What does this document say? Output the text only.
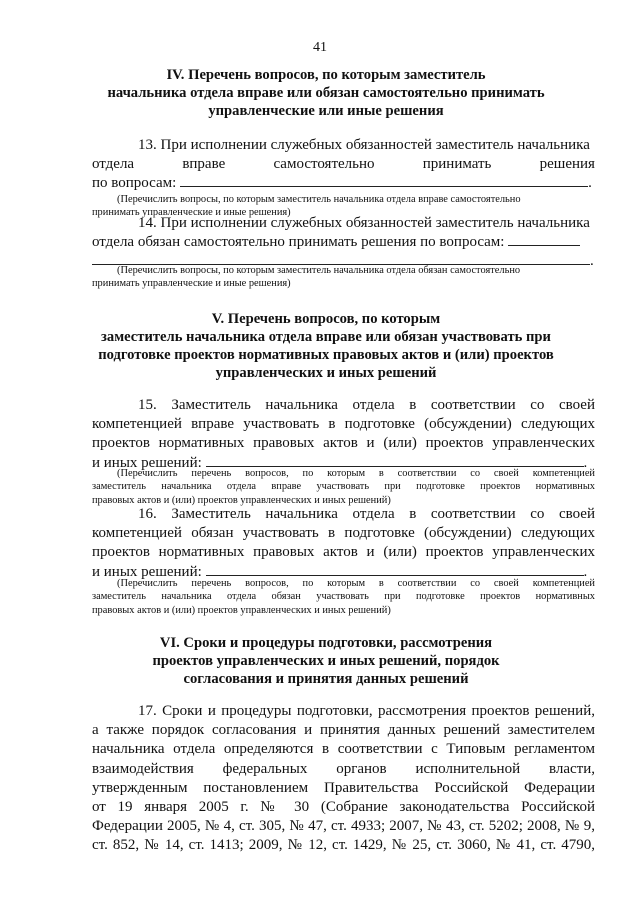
41
IV. Перечень вопросов, по которым заместитель
начальника отдела вправе или обязан самостоятельно принимать
управленческие или иные решения
13. При исполнении служебных обязанностей заместитель начальника
отдела	вправе	самостоятельно	принимать	решения
по вопросам:	.
(Перечислить вопросы, по которым заместитель начальника отдела вправе самостоятельно
принимать управленческие и иные решения)
14. При исполнении служебных обязанностей заместитель начальника
отдела обязан самостоятельно принимать решения по вопросам:
.
(Перечислить вопросы, по которым заместитель начальника отдела обязан самостоятельно
принимать управленческие и иные решения)
V. Перечень вопросов, по которым
заместитель начальника отдела вправе или обязан участвовать при
подготовке проектов нормативных правовых актов и (или) проектов
управленческих и иных решений
15. Заместитель начальника отдела в соответствии со своей
компетенцией вправе участвовать в подготовке (обсуждении) следующих
проектов нормативных правовых актов и (или) проектов управленческих
и иных решений:	.
(Перечислить перечень вопросов, по которым в соответствии со своей компетенцией
заместитель начальника отдела вправе участвовать при подготовке проектов нормативных
правовых актов и (или) проектов управленческих и иных решений)
16. Заместитель начальника отдела в соответствии со своей
компетенцией обязан участвовать в подготовке (обсуждении) следующих
проектов нормативных правовых актов и (или) проектов управленческих
и иных решений:	.
(Перечислить перечень вопросов, по которым в соответствии со своей компетенцией
заместитель начальника отдела обязан участвовать при подготовке проектов нормативных
правовых актов и (или) проектов управленческих и иных решений)
VI. Сроки и процедуры подготовки, рассмотрения
проектов управленческих и иных решений, порядок
согласования и принятия данных решений
17. Сроки и процедуры подготовки, рассмотрения проектов решений,
а также порядок согласования и принятия данных решений заместителем
начальника отдела определяются в соответствии с Типовым регламентом
взаимодействия федеральных органов исполнительной власти,
утвержденным постановлением Правительства Российской Федерации
от 19 января 2005 г. № 30 (Собрание законодательства Российской
Федерации 2005, № 4, ст. 305, № 47, ст. 4933; 2007, № 43, ст. 5202; 2008, № 9,
ст. 852, № 14, ст. 1413; 2009, № 12, ст. 1429, № 25, ст. 3060, № 41, ст. 4790,
